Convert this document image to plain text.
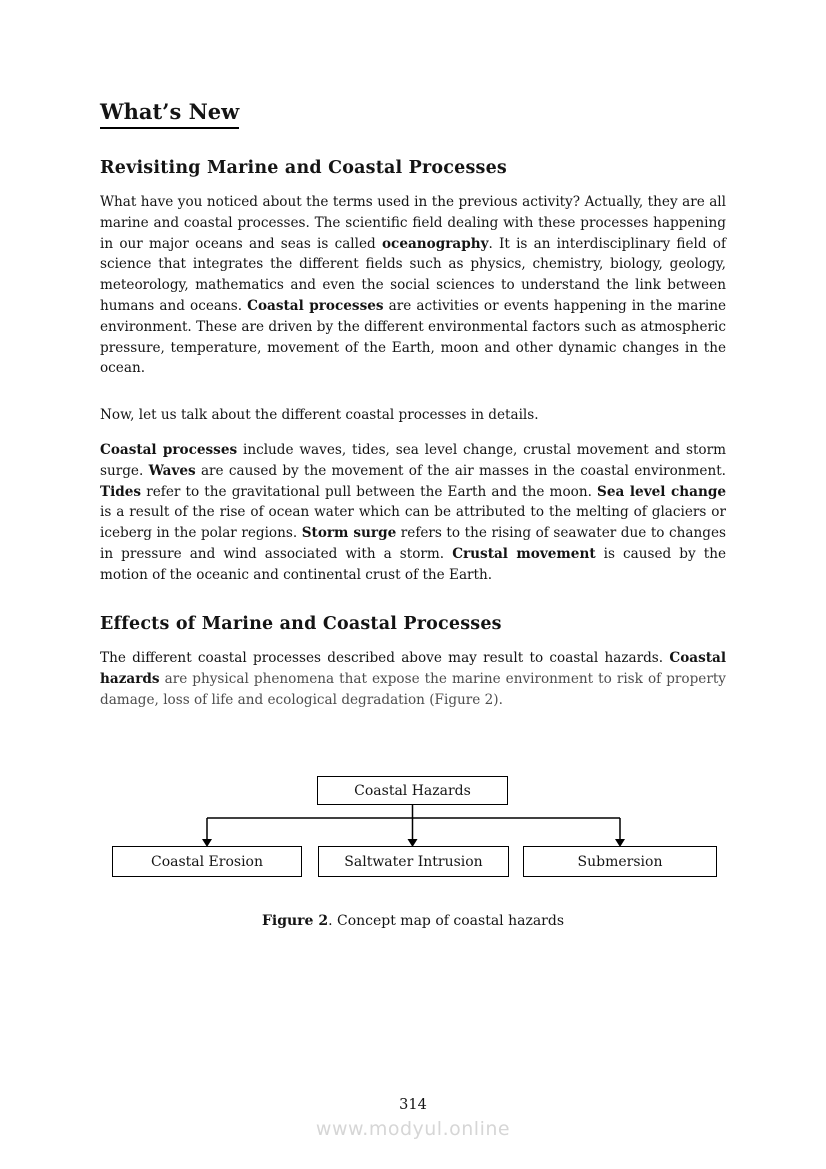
What’s New
Revisiting Marine and Coastal Processes

What have you noticed about the terms used in the previous activity? Actually, they are all marine and coastal processes. The scientific field dealing with these processes happening in our major oceans and seas is called oceanography. It is an interdisciplinary field of science that integrates the different fields such as physics, chemistry, biology, geology, meteorology, mathematics and even the social sciences to understand the link between humans and oceans. Coastal processes are activities or events happening in the marine environment. These are driven by the different environmental factors such as atmospheric pressure, temperature, movement of the Earth, moon and other dynamic changes in the ocean.

Now, let us talk about the different coastal processes in details.

Coastal processes include waves, tides, sea level change, crustal movement and storm surge. Waves are caused by the movement of the air masses in the coastal environment. Tides refer to the gravitational pull between the Earth and the moon. Sea level change is a result of the rise of ocean water which can be attributed to the melting of glaciers or iceberg in the polar regions. Storm surge refers to the rising of seawater due to changes in pressure and wind associated with a storm. Crustal movement is caused by the motion of the oceanic and continental crust of the Earth.

Effects of Marine and Coastal Processes

The different coastal processes described above may result to coastal hazards. Coastal hazards are physical phenomena that expose the marine environment to risk of property damage, loss of life and ecological degradation (Figure 2).

Coastal Hazards
Coastal Erosion	Saltwater Intrusion	Submersion
Figure 2. Concept map of coastal hazards
314
www.modyul.online
